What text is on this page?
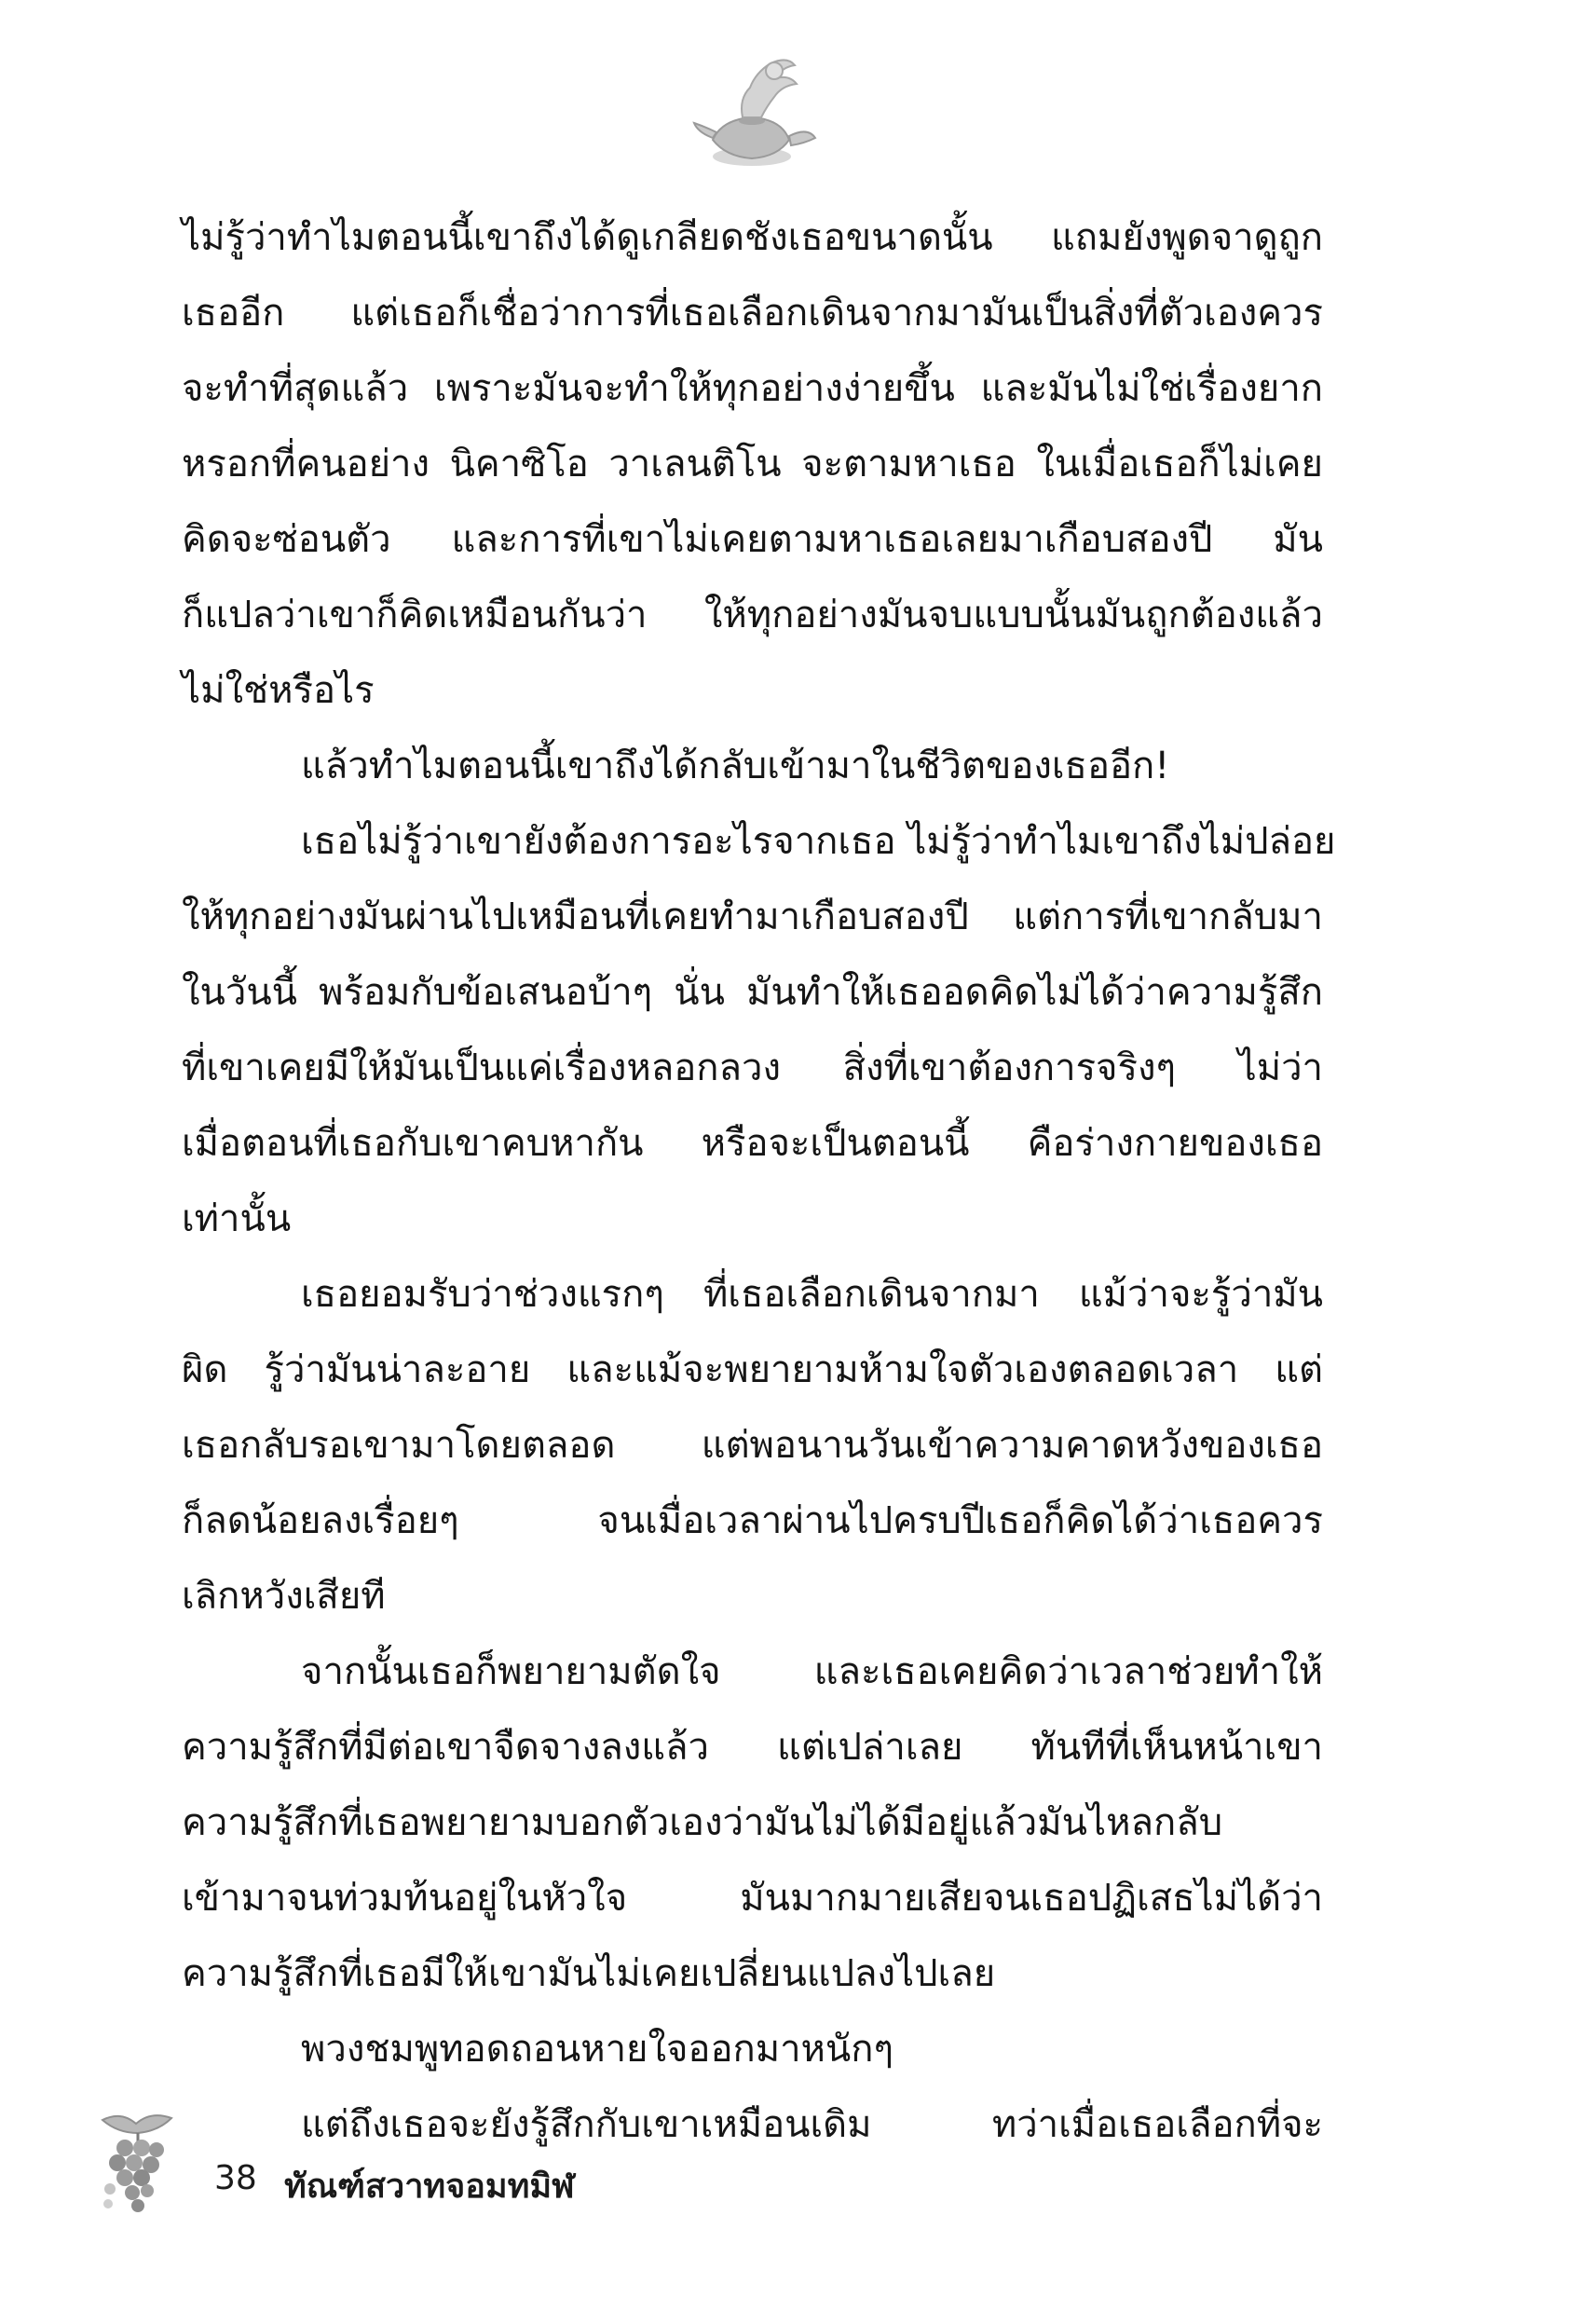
ไม่รู้ว่าทำไมตอนนี้เขาถึงได้ดูเกลียดชังเธอขนาดนั้น แถมยังพูดจาดูถูก
เธออีก แต่เธอก็เชื่อว่าการที่เธอเลือกเดินจากมามันเป็นสิ่งที่ตัวเองควร
จะทำที่สุดแล้ว เพราะมันจะทำให้ทุกอย่างง่ายขึ้น และมันไม่ใช่เรื่องยาก
หรอกที่คนอย่าง นิคาซิโอ วาเลนติโน จะตามหาเธอ ในเมื่อเธอก็ไม่เคย
คิดจะซ่อนตัว และการที่เขาไม่เคยตามหาเธอเลยมาเกือบสองปี มัน
ก็แปลว่าเขาก็คิดเหมือนกันว่า ให้ทุกอย่างมันจบแบบนั้นมันถูกต้องแล้ว
ไม่ใช่หรือไร
แล้วทำไมตอนนี้เขาถึงได้กลับเข้ามาในชีวิตของเธออีก!
เธอไม่รู้ว่าเขายังต้องการอะไรจากเธอ ไม่รู้ว่าทำไมเขาถึงไม่ปล่อย
ให้ทุกอย่างมันผ่านไปเหมือนที่เคยทำมาเกือบสองปี แต่การที่เขากลับมา
ในวันนี้ พร้อมกับข้อเสนอบ้าๆ นั่น มันทำให้เธออดคิดไม่ได้ว่าความรู้สึก
ที่เขาเคยมีให้มันเป็นแค่เรื่องหลอกลวง สิ่งที่เขาต้องการจริงๆ ไม่ว่า
เมื่อตอนที่เธอกับเขาคบหากัน หรือจะเป็นตอนนี้ คือร่างกายของเธอ
เท่านั้น
เธอยอมรับว่าช่วงแรกๆ ที่เธอเลือกเดินจากมา แม้ว่าจะรู้ว่ามัน
ผิด รู้ว่ามันน่าละอาย และแม้จะพยายามห้ามใจตัวเองตลอดเวลา แต่
เธอกลับรอเขามาโดยตลอด แต่พอนานวันเข้าความคาดหวังของเธอ
ก็ลดน้อยลงเรื่อยๆ จนเมื่อเวลาผ่านไปครบปีเธอก็คิดได้ว่าเธอควร
เลิกหวังเสียที
จากนั้นเธอก็พยายามตัดใจ และเธอเคยคิดว่าเวลาช่วยทำให้
ความรู้สึกที่มีต่อเขาจืดจางลงแล้ว แต่เปล่าเลย ทันทีที่เห็นหน้าเขา
ความรู้สึกที่เธอพยายามบอกตัวเองว่ามันไม่ได้มีอยู่แล้วมันไหลกลับ
เข้ามาจนท่วมท้นอยู่ในหัวใจ มันมากมายเสียจนเธอปฏิเสธไม่ได้ว่า
ความรู้สึกที่เธอมีให้เขามันไม่เคยเปลี่ยนแปลงไปเลย
พวงชมพูทอดถอนหายใจออกมาหนักๆ
แต่ถึงเธอจะยังรู้สึกกับเขาเหมือนเดิม ทว่าเมื่อเธอเลือกที่จะ
38 ทัณฑ์สวาทจอมทมิฬ
